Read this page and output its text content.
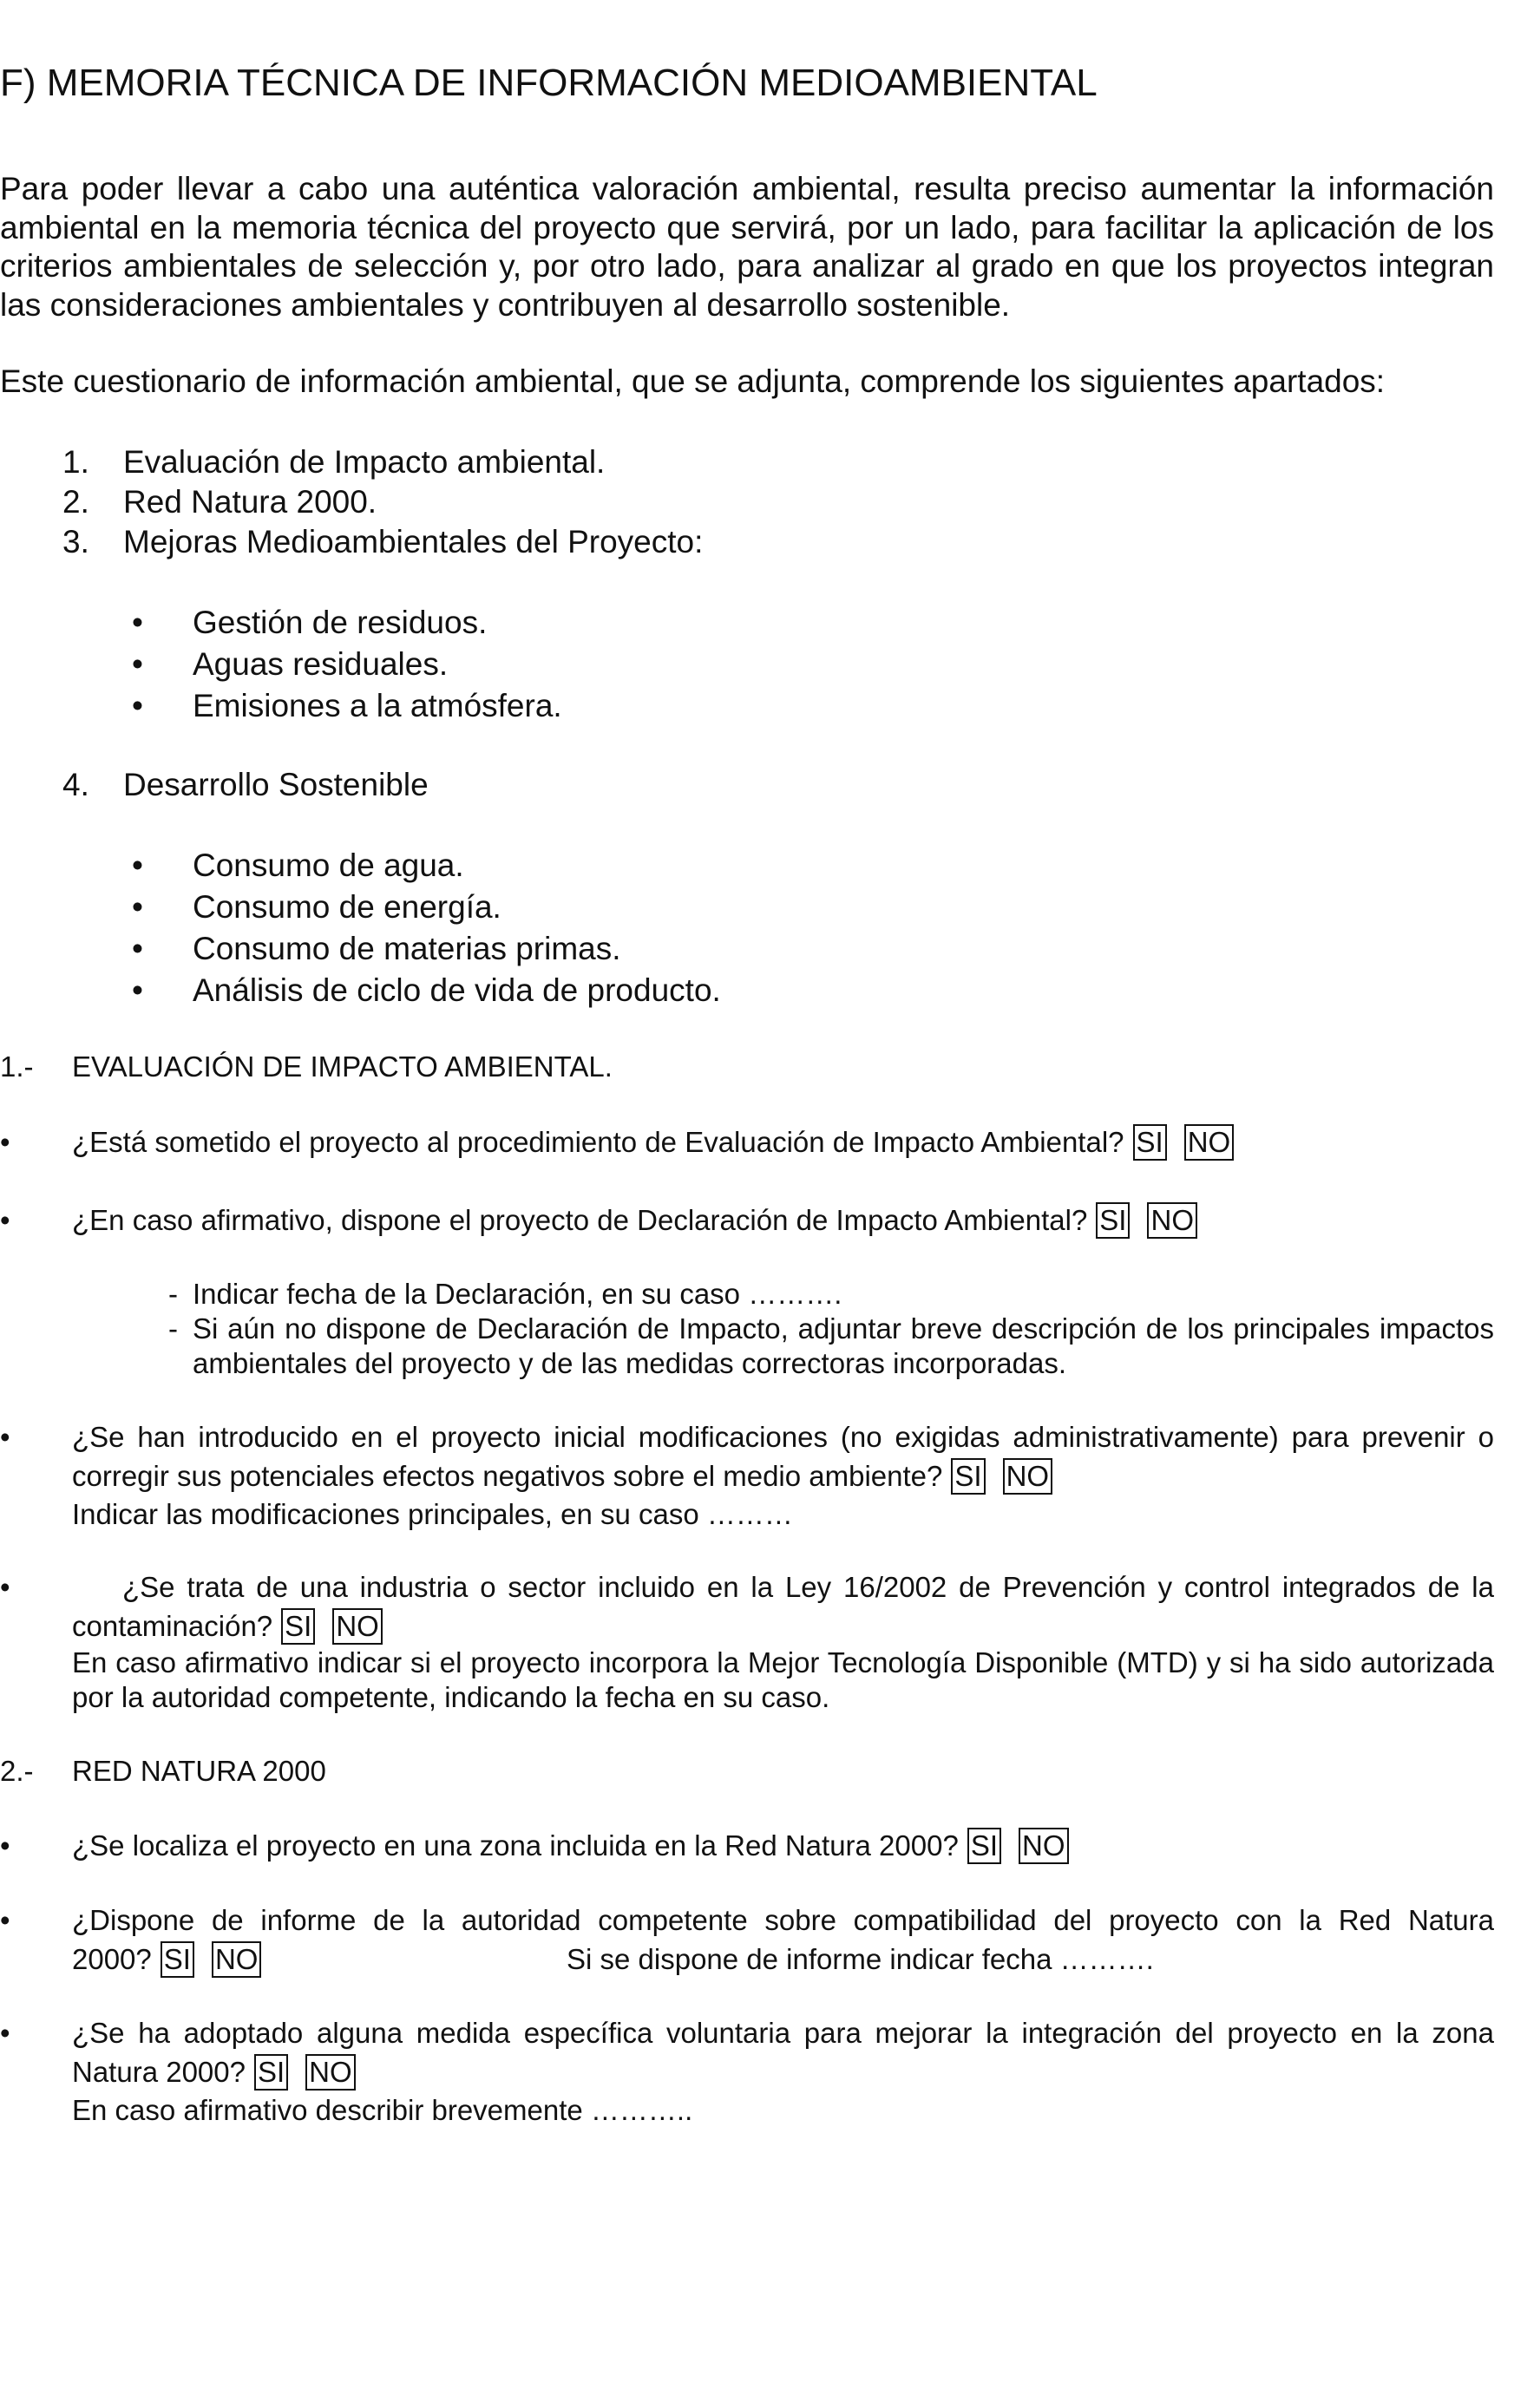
F) MEMORIA TÉCNICA DE INFORMACIÓN MEDIOAMBIENTAL

Para poder llevar a cabo una auténtica valoración ambiental, resulta preciso aumentar la información ambiental en la memoria técnica del proyecto que servirá, por un lado, para facilitar la aplicación de los criterios ambientales de selección y, por otro lado, para analizar al grado en que los proyectos integran las consideraciones ambientales y contribuyen al desarrollo sostenible.

Este cuestionario de información ambiental, que se adjunta, comprende los siguientes apartados:

1.	Evaluación de Impacto ambiental.
2.	Red Natura 2000.
3.	Mejoras Medioambientales del Proyecto:
• Gestión de residuos.
• Aguas residuales.
• Emisiones a la atmósfera.
4.	Desarrollo Sostenible
• Consumo de agua.
• Consumo de energía.
• Consumo de materias primas.
• Análisis de ciclo de vida de producto.
1.- EVALUACIÓN DE IMPACTO AMBIENTAL.
• ¿Está sometido el proyecto al procedimiento de Evaluación de Impacto Ambiental? SI NO
• ¿En caso afirmativo, dispone el proyecto de Declaración de Impacto Ambiental? SI NO
- Indicar fecha de la Declaración, en su caso ……….
- Si aún no dispone de Declaración de Impacto, adjuntar breve descripción de los principales impactos ambientales del proyecto y de las medidas correctoras incorporadas.
• ¿Se han introducido en el proyecto inicial modificaciones (no exigidas administrativamente) para prevenir o corregir sus potenciales efectos negativos sobre el medio ambiente? SI NO
Indicar las modificaciones principales, en su caso ………
•	¿Se trata de una industria o sector incluido en la Ley 16/2002 de Prevención y control integrados de la contaminación? SI NO
En caso afirmativo indicar si el proyecto incorpora la Mejor Tecnología Disponible (MTD) y si ha sido autorizada por la autoridad competente, indicando la fecha en su caso.
2.- RED NATURA 2000
• ¿Se localiza el proyecto en una zona incluida en la Red Natura 2000? SI NO
• ¿Dispone de informe de la autoridad competente sobre compatibilidad del proyecto con la Red Natura
2000? SI NO	Si se dispone de informe indicar fecha ……….
• ¿Se ha adoptado alguna medida específica voluntaria para mejorar la integración del proyecto en la zona Natura 2000? SI NO
En caso afirmativo describir brevemente ………..
